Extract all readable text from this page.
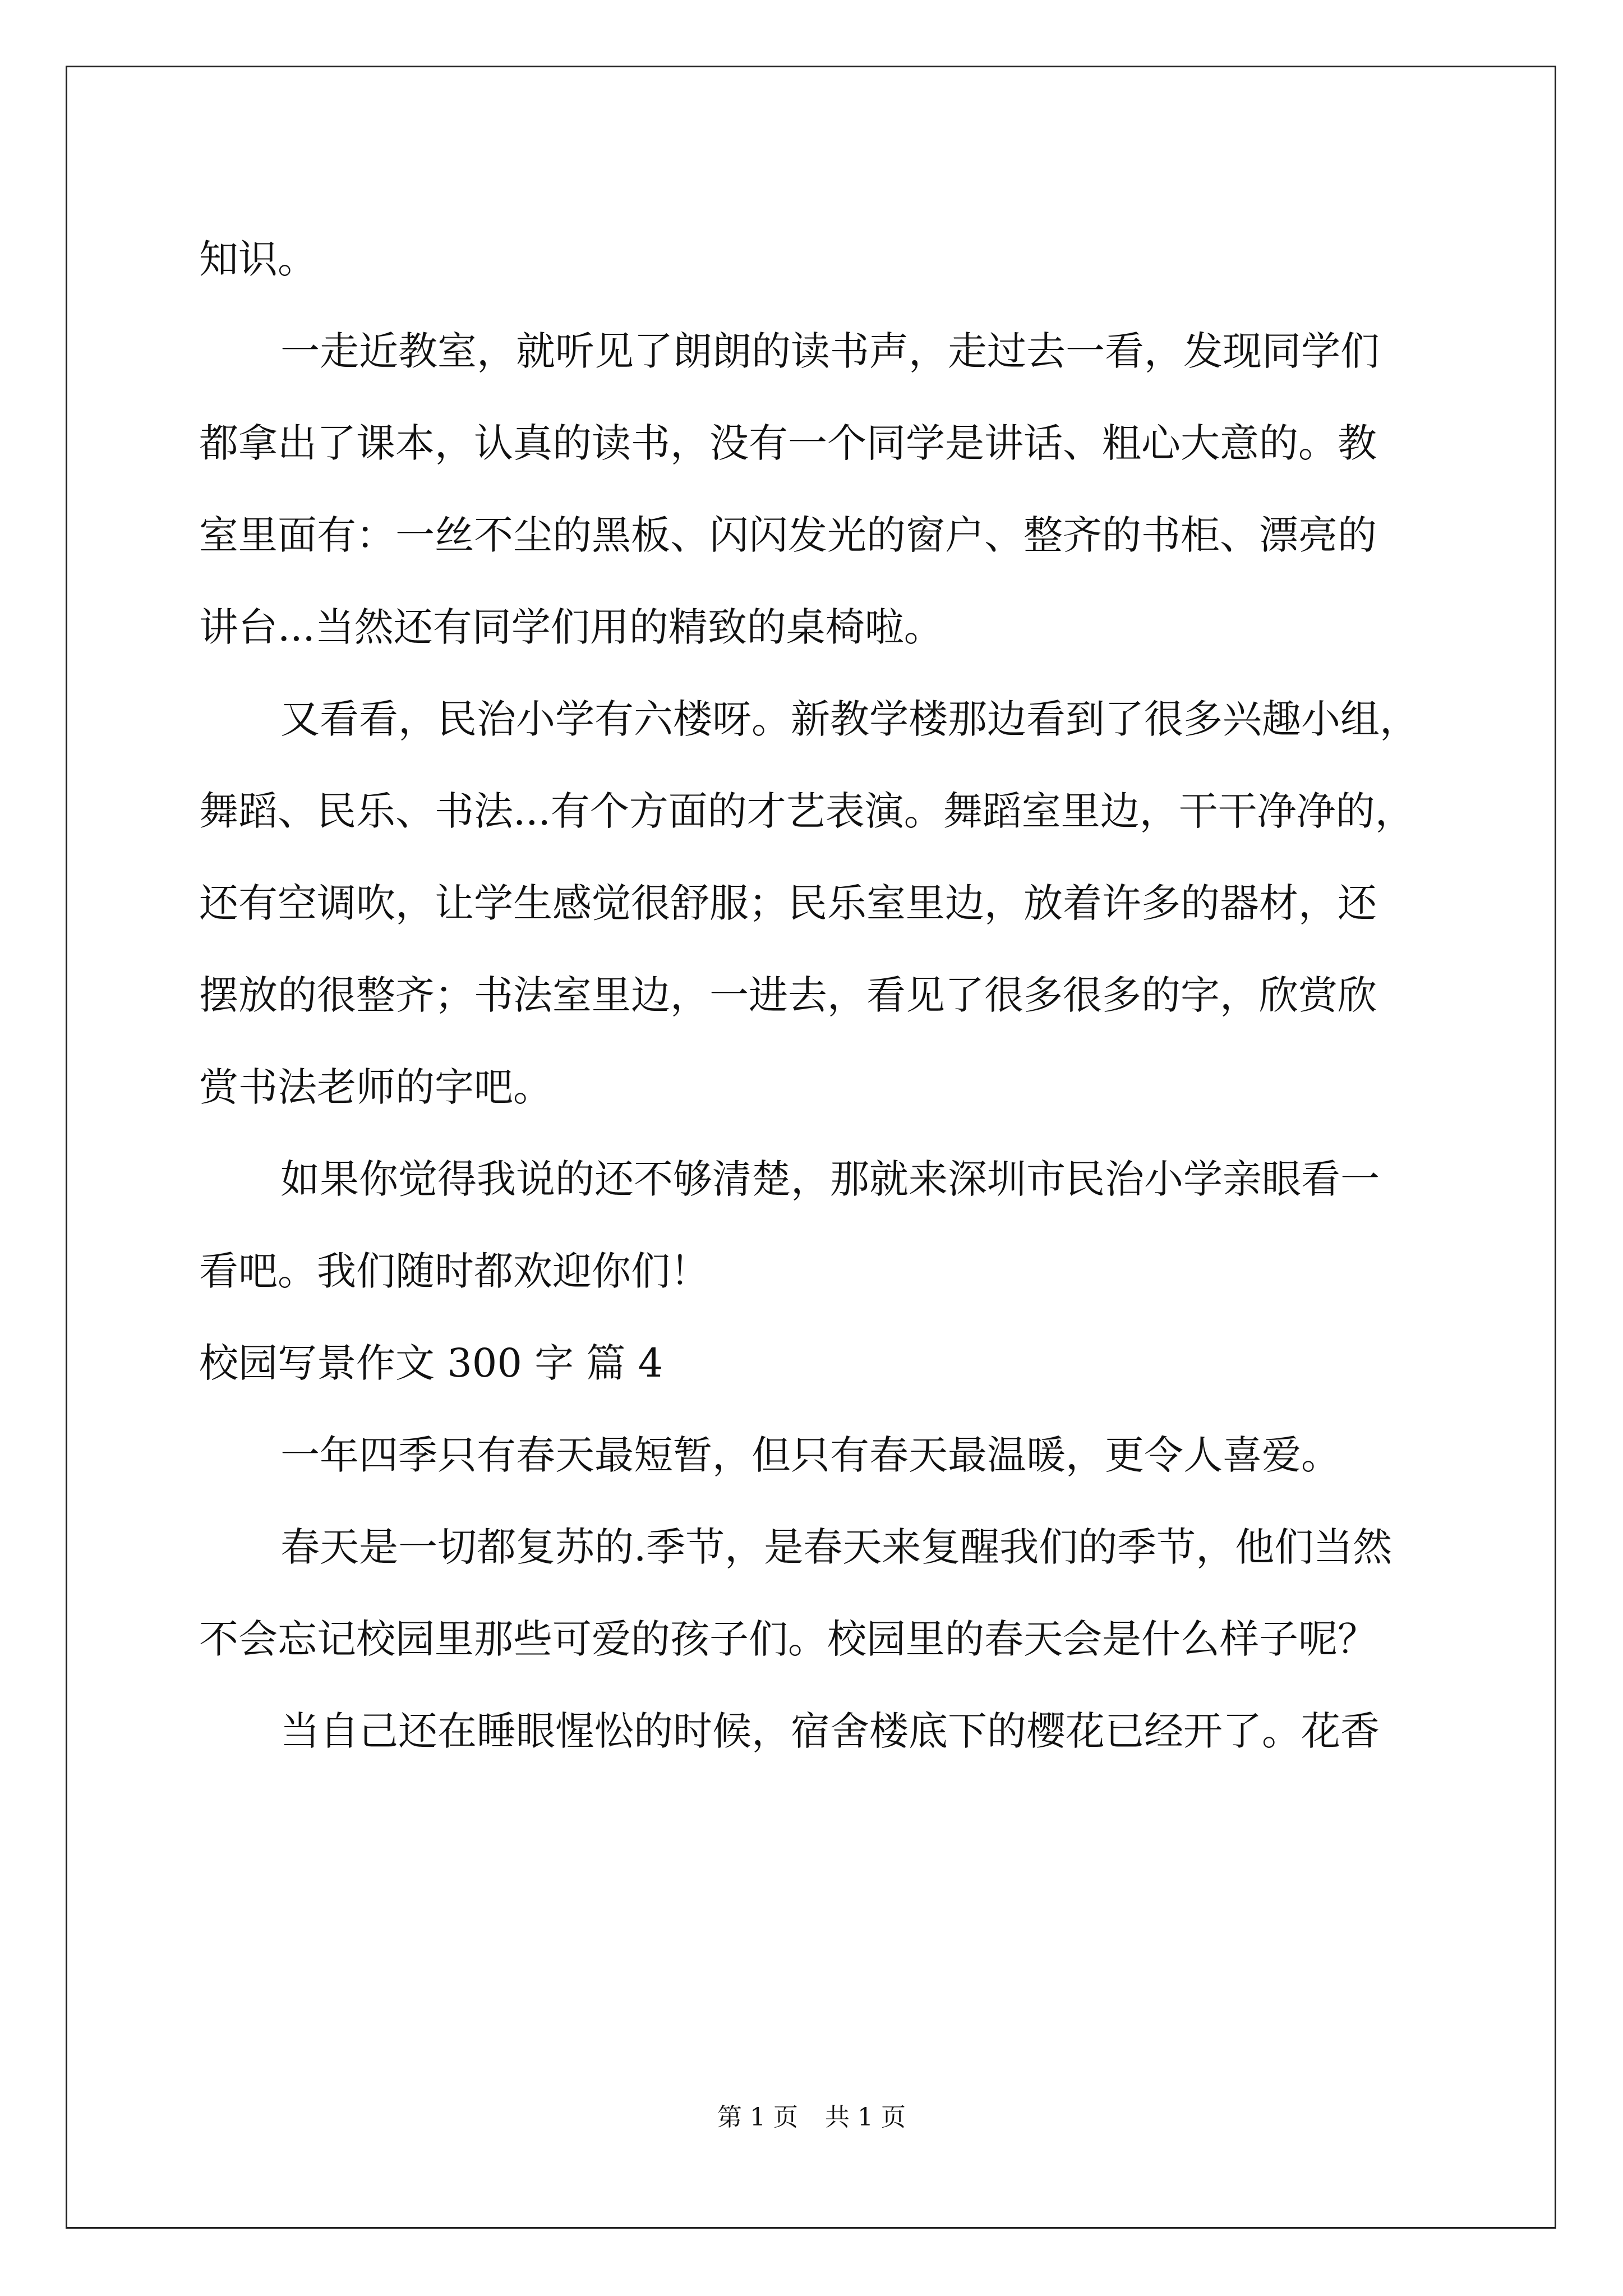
知识。
一走近教室，就听见了朗朗的读书声，走过去一看，发现同学们
都拿出了课本，认真的读书，没有一个同学是讲话、粗心大意的。教
室里面有：一丝不尘的黑板、闪闪发光的窗户、整齐的书柜、漂亮的
讲台...当然还有同学们用的精致的桌椅啦。
又看看，民治小学有六楼呀。新教学楼那边看到了很多兴趣小组，
舞蹈、民乐、书法...有个方面的才艺表演。舞蹈室里边，干干净净的，
还有空调吹，让学生感觉很舒服；民乐室里边，放着许多的器材，还
摆放的很整齐；书法室里边，一进去，看见了很多很多的字，欣赏欣
赏书法老师的字吧。
如果你觉得我说的还不够清楚，那就来深圳市民治小学亲眼看一
看吧。我们随时都欢迎你们！
校园写景作文 300 字 篇 4
一年四季只有春天最短暂，但只有春天最温暖，更令人喜爱。
春天是一切都复苏的.季节，是春天来复醒我们的季节，他们当然
不会忘记校园里那些可爱的孩子们。校园里的春天会是什么样子呢？
当自己还在睡眼惺忪的时候，宿舍楼底下的樱花已经开了。花香
第 1 页 共 1 页
